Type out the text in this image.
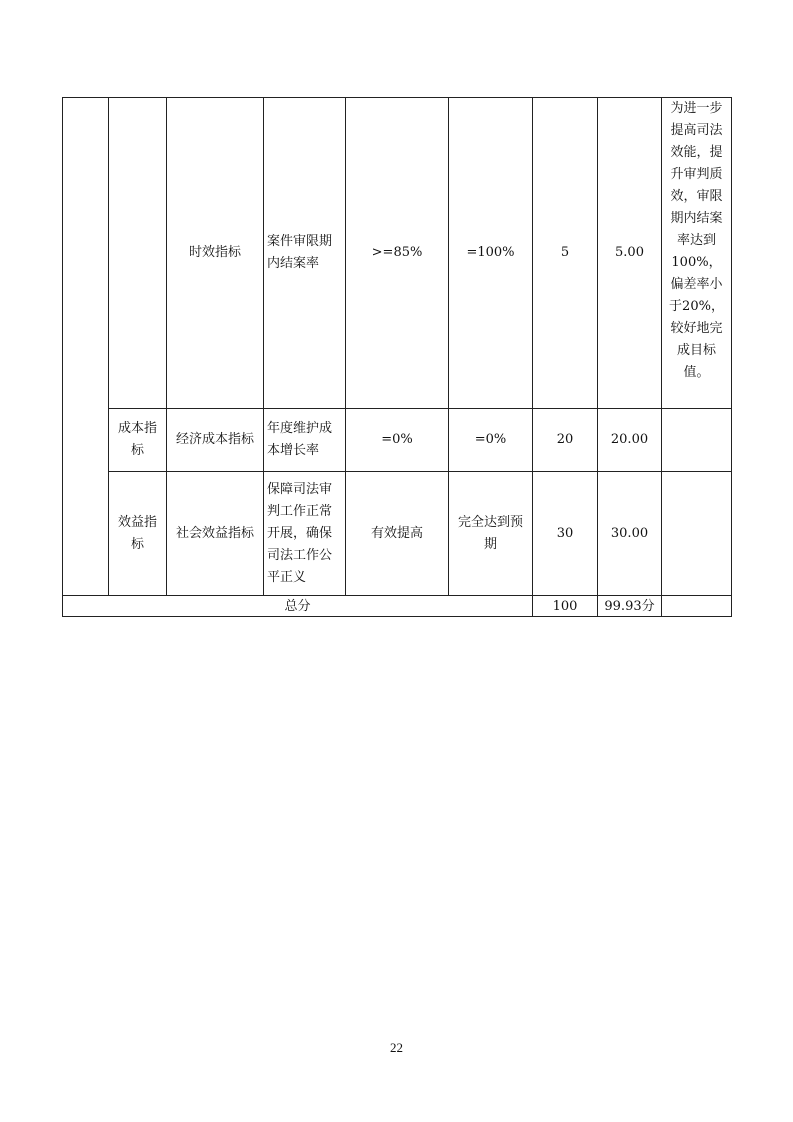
		时效指标	案件审限期内结案率	>=85%	=100%	5	5.00	为进一步提高司法效能，提升审判质效，审限期内结案率达到100%，偏差率小于20%，较好地完成目标值。
	成本指标	经济成本指标	年度维护成本增长率	=0%	=0%	20	20.00	
	效益指标	社会效益指标	保障司法审判工作正常开展，确保司法工作公平正义	有效提高	完全达到预期	30	30.00	
总分						100	99.93分	
22
